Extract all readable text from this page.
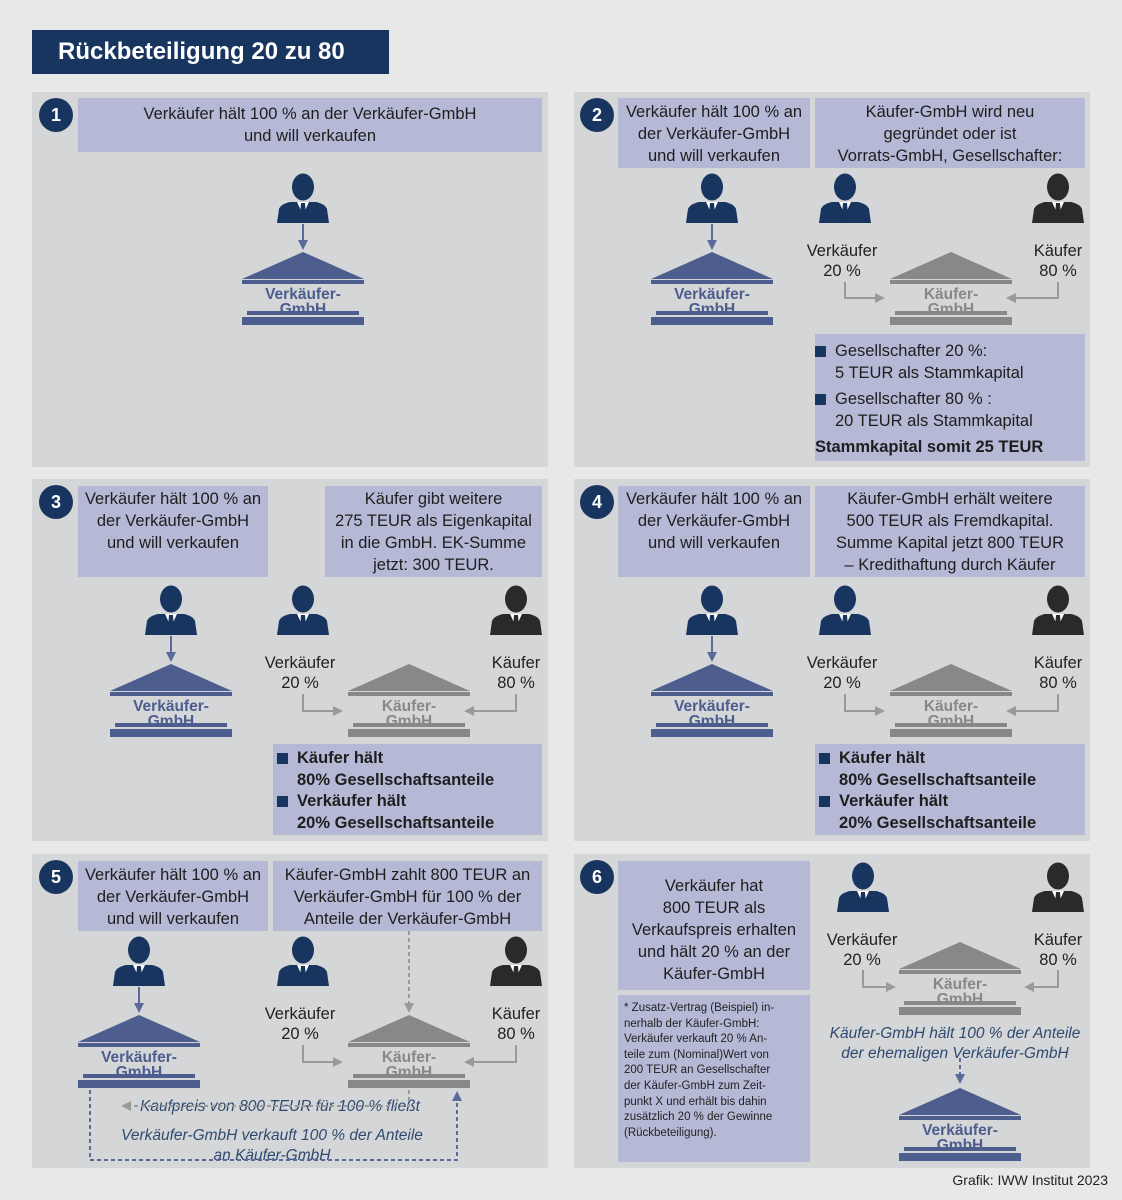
Rückbeteiligung 20 zu 80
1	2
3	4
5	6
Verkäufer hält 100 % an der Verkäufer-GmbH
und will verkaufen
Verkäufer hält 100 % an
der Verkäufer-GmbH
und will verkaufen
Käufer-GmbH wird neu
gegründet oder ist
Vorrats-GmbH, Gesellschafter:
Gesellschafter 20 %:
5 TEUR als Stammkapital
Gesellschafter 80 % :
20 TEUR als Stammkapital
Stammkapital somit 25 TEUR
Verkäufer hält 100 % an
der Verkäufer-GmbH
und will verkaufen
Käufer gibt weitere
275 TEUR als Eigenkapital
in die GmbH. EK-Summe
jetzt: 300 TEUR.
Käufer hält
80% Gesellschaftsanteile
Verkäufer hält
20% Gesellschaftsanteile
Verkäufer hält 100 % an
der Verkäufer-GmbH
und will verkaufen
Käufer-GmbH erhält weitere
500 TEUR als Fremdkapital.
Summe Kapital jetzt 800 TEUR
– Kredithaftung durch Käufer
Käufer hält
80% Gesellschaftsanteile
Verkäufer hält
20% Gesellschaftsanteile
Verkäufer hält 100 % an
der Verkäufer-GmbH
und will verkaufen
Käufer-GmbH zahlt 800 TEUR an
Verkäufer-GmbH für 100 % der
Anteile der Verkäufer-GmbH
Kaufpreis von 800 TEUR für 100 % fließt
Verkäufer-GmbH verkauft 100 % der Anteile
an Käufer-GmbH
Verkäufer hat
800 TEUR als
Verkaufspreis erhalten
und hält 20 % an der
Käufer-GmbH
* Zusatz-Vertrag (Beispiel) in-
nerhalb der Käufer-GmbH:
Verkäufer verkauft 20 % An-
teile zum (Nominal)Wert von
200 TEUR an Gesellschafter
der Käufer-GmbH zum Zeit-
punkt X und erhält bis dahin
zusätzlich 20 % der Gewinne
(Rückbeteiligung).
Käufer-GmbH hält 100 % der Anteile
der ehemaligen Verkäufer-GmbH
Verkäufer
20 %
Käufer
80 %
Verkäufer
20 %
Käufer
80 %
Verkäufer
20 %
Käufer
80 %
Verkäufer
20 %
Käufer
80 %
Verkäufer
20 %
Käufer
80 %
Verkäufer-
GmbH
Verkäufer-
GmbH
Käufer-
GmbH
Verkäufer-
GmbH
Käufer-
GmbH
Verkäufer-
GmbH
Käufer-
GmbH
Verkäufer-
GmbH
Käufer-
GmbH
Käufer-
GmbH
Verkäufer-
GmbH
Grafik: IWW Institut 2023
